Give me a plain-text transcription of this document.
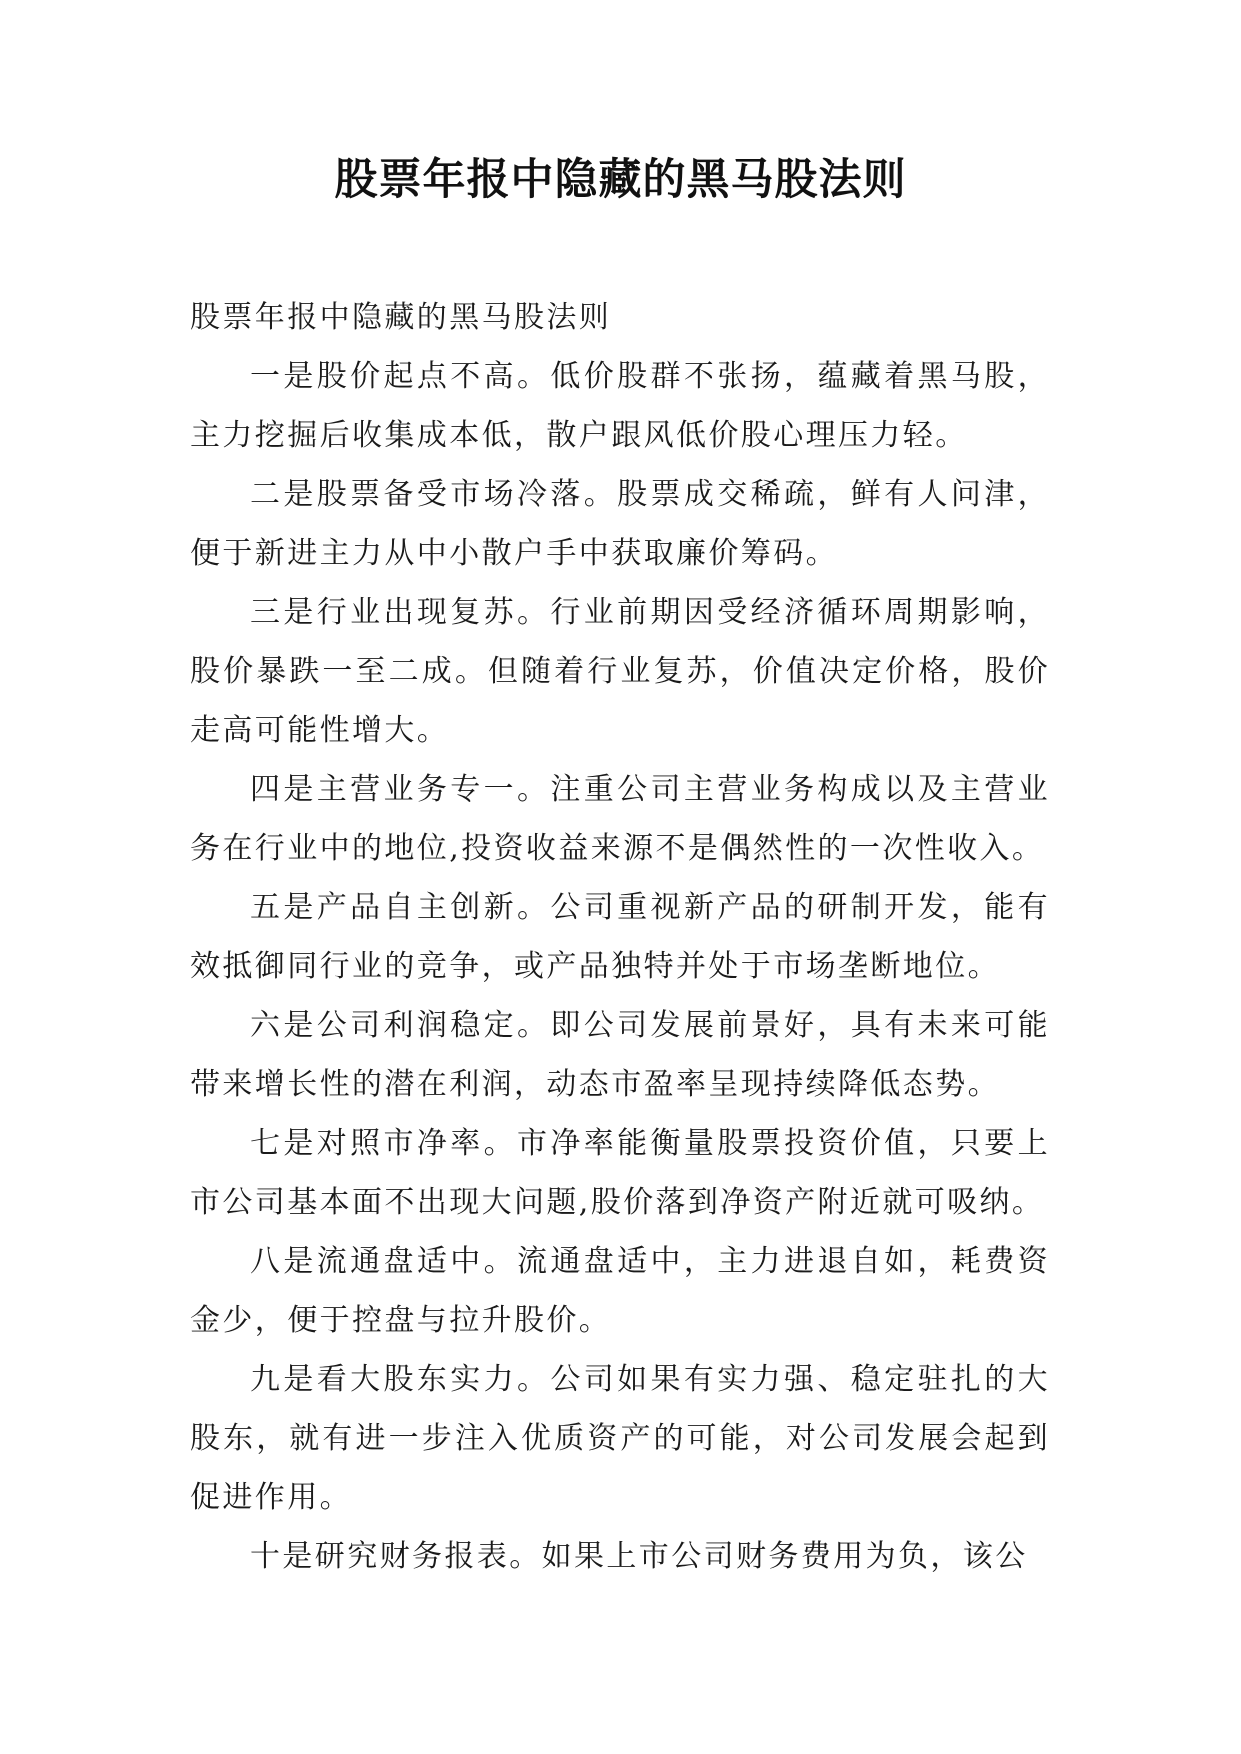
股票年报中隐藏的黑马股法则

股票年报中隐藏的黑马股法则

一是股价起点不高。低价股群不张扬，蕴藏着黑马股，主力挖掘后收集成本低，散户跟风低价股心理压力轻。

二是股票备受市场冷落。股票成交稀疏，鲜有人问津，便于新进主力从中小散户手中获取廉价筹码。

三是行业出现复苏。行业前期因受经济循环周期影响，股价暴跌一至二成。但随着行业复苏，价值决定价格，股价走高可能性增大。

四是主营业务专一。注重公司主营业务构成以及主营业务在行业中的地位,投资收益来源不是偶然性的一次性收入。

五是产品自主创新。公司重视新产品的研制开发，能有效抵御同行业的竞争，或产品独特并处于市场垄断地位。

六是公司利润稳定。即公司发展前景好，具有未来可能带来增长性的潜在利润，动态市盈率呈现持续降低态势。

七是对照市净率。市净率能衡量股票投资价值，只要上市公司基本面不出现大问题,股价落到净资产附近就可吸纳。

八是流通盘适中。流通盘适中，主力进退自如，耗费资金少，便于控盘与拉升股价。

九是看大股东实力。公司如果有实力强、稳定驻扎的大股东，就有进一步注入优质资产的可能，对公司发展会起到促进作用。

十是研究财务报表。如果上市公司财务费用为负，该公
